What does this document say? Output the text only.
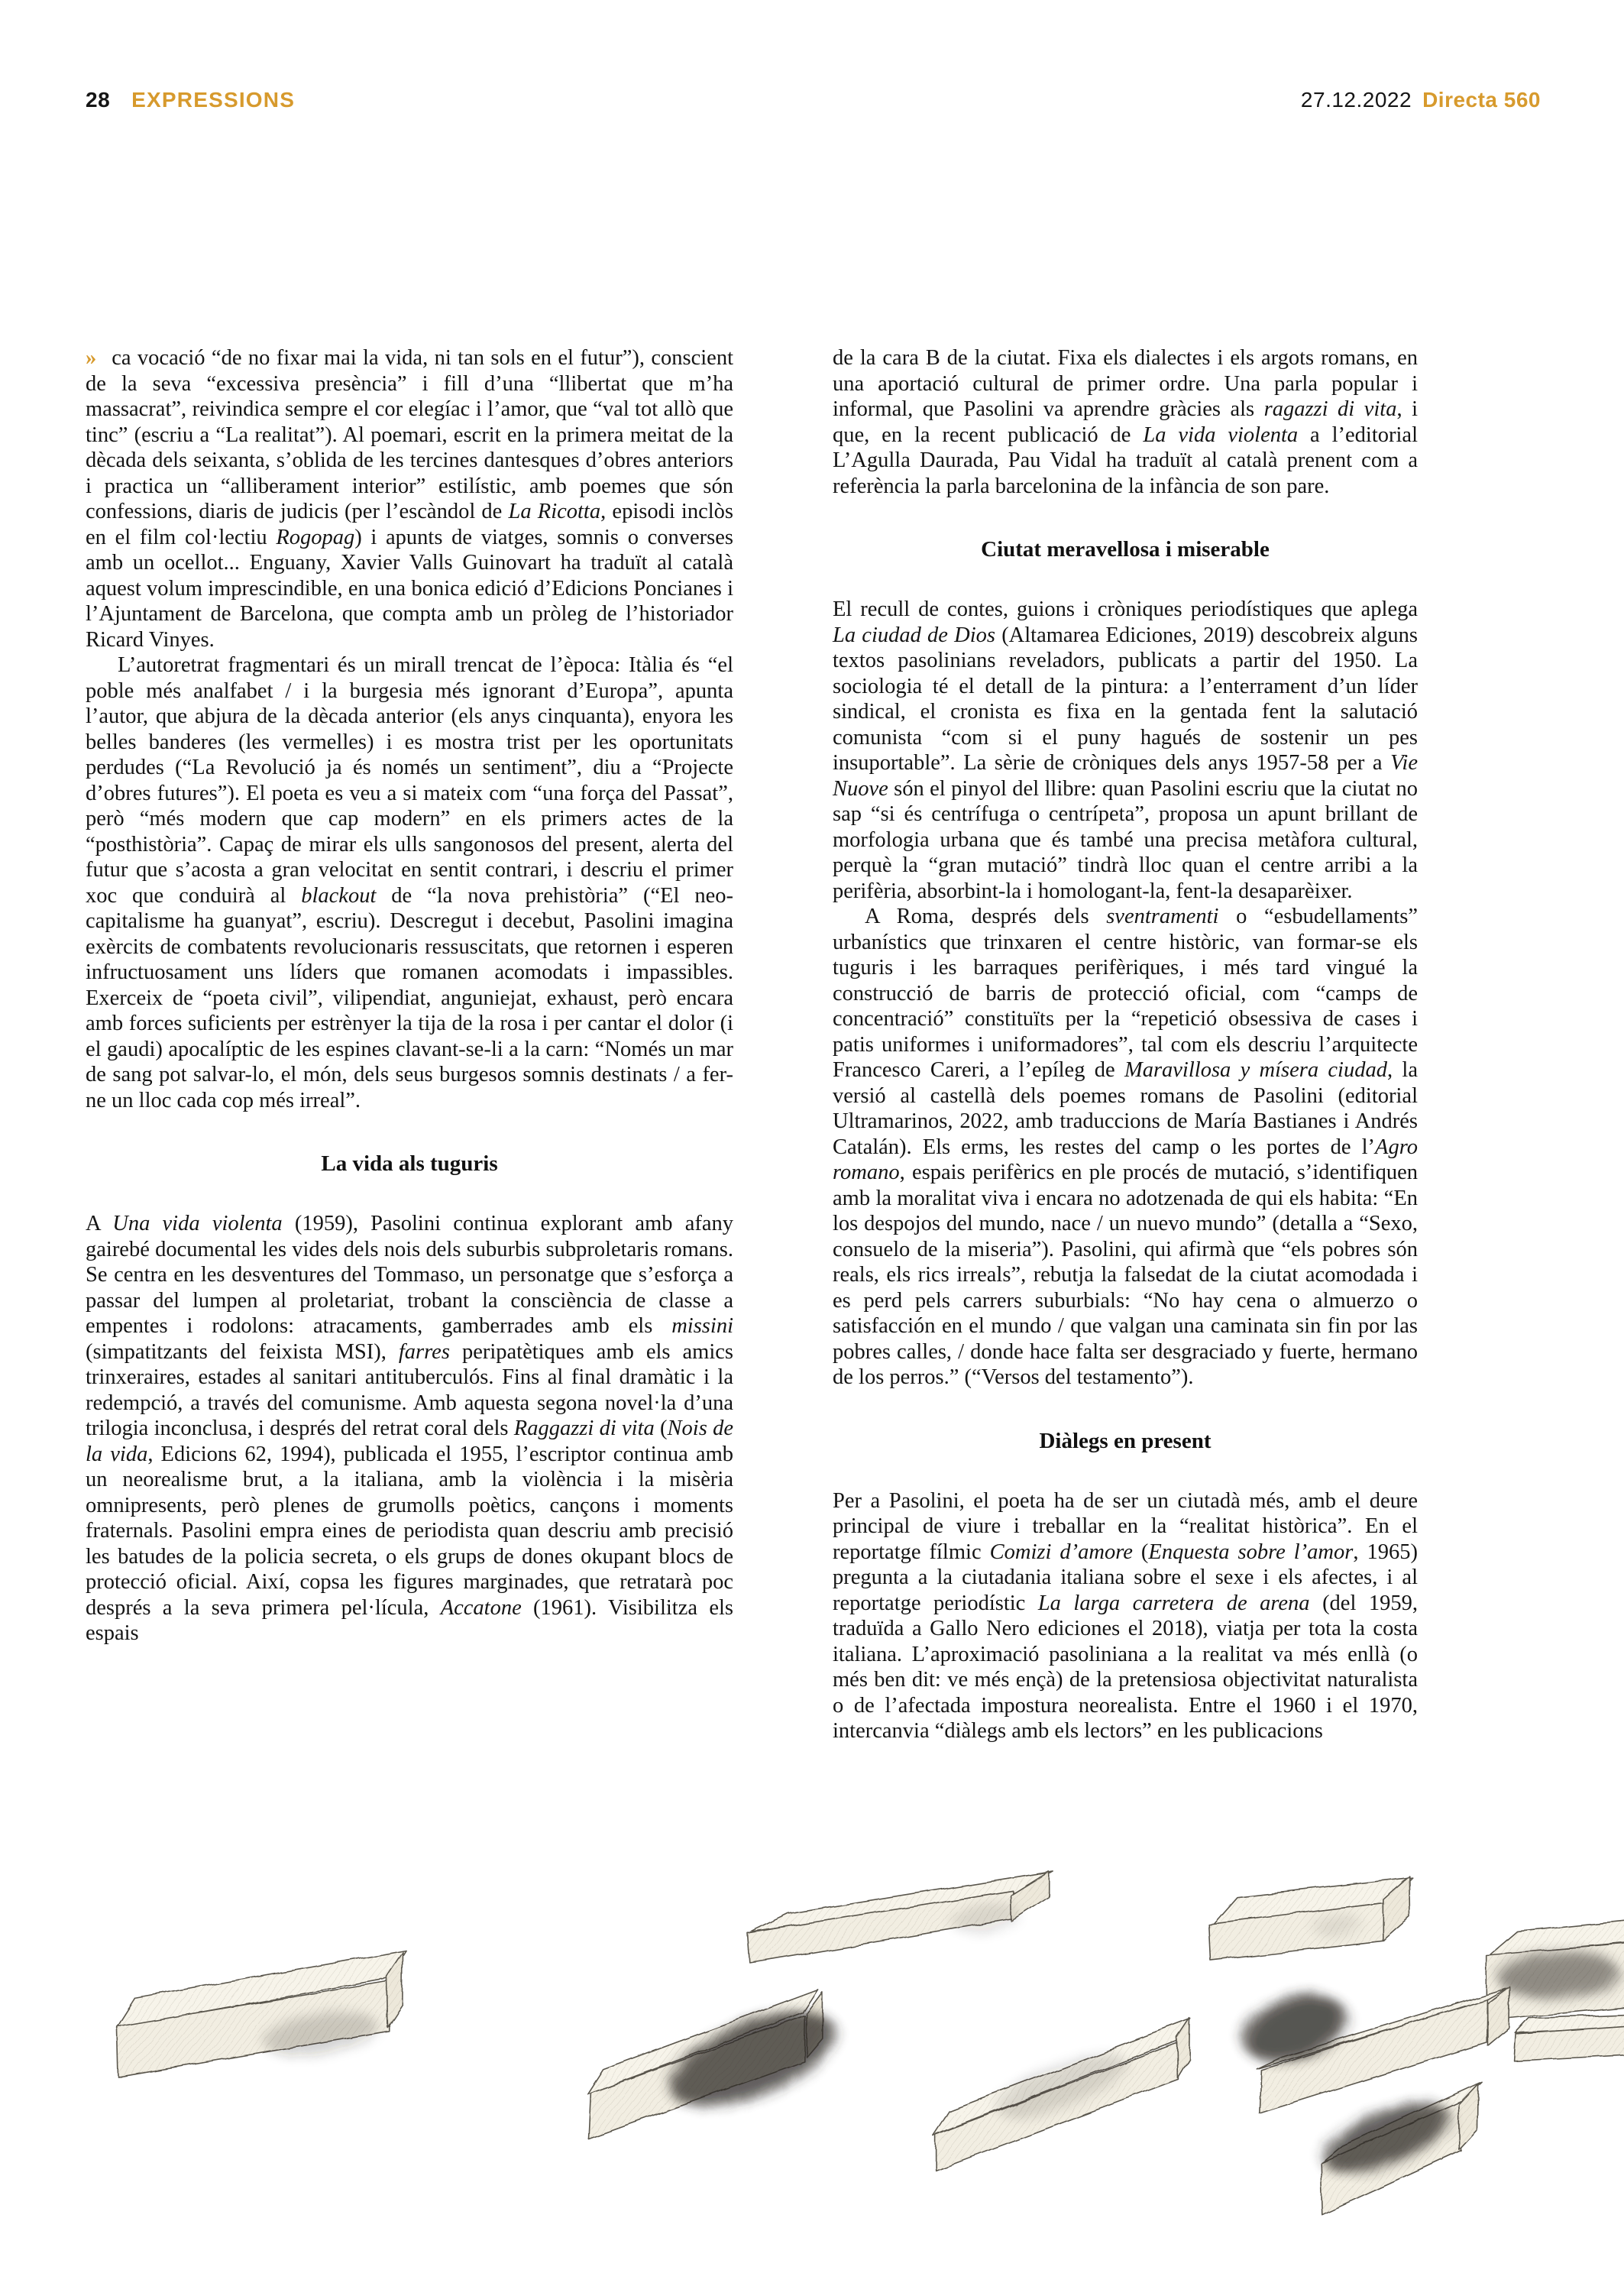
28 EXPRESSIONS	27.12.2022 Directa 560

» ca vocació “de no fixar mai la vida, ni tan sols en el futur”), conscient de la seva “excessiva presència” i fill d’una “llibertat que m’ha massacrat”, reivindica sempre el cor elegíac i l’amor, que “val tot allò que tinc” (escriu a “La realitat”). Al poemari, escrit en la primera meitat de la dècada dels seixanta, s’oblida de les tercines dantesques d’obres anteriors i practica un “alliberament interior” estilístic, amb poemes que són confessions, diaris de judicis (per l’escàndol de La Ricotta, episodi inclòs en el film col·lectiu Rogopag) i apunts de viatges, somnis o converses amb un ocellot... Enguany, Xavier Valls Guinovart ha traduït al català aquest volum imprescindible, en una bonica edició d’Edicions Poncianes i l’Ajuntament de Barcelona, que compta amb un pròleg de l’historiador Ricard Vinyes.

L’autoretrat fragmentari és un mirall trencat de l’època: Itàlia és “el poble més analfabet / i la burgesia més ignorant d’Europa”, apunta l’autor, que abjura de la dècada anterior (els anys cinquanta), enyora les belles banderes (les vermelles) i es mostra trist per les oportunitats perdudes (“La Revolució ja és només un sentiment”, diu a “Projecte d’obres futures”). El poeta es veu a si mateix com “una força del Passat”, però “més modern que cap modern” en els primers actes de la “posthistòria”. Capaç de mirar els ulls sangonosos del present, alerta del futur que s’acosta a gran velocitat en sentit contrari, i descriu el primer xoc que conduirà al blackout de “la nova prehistòria” (“El neo-capitalisme ha guanyat”, escriu). Descregut i decebut, Pasolini imagina exèrcits de combatents revolucionaris ressuscitats, que retornen i esperen infructuosament uns líders que romanen acomodats i impassibles. Exerceix de “poeta civil”, vilipendiat, anguniejat, exhaust, però encara amb forces suficients per estrènyer la tija de la rosa i per cantar el dolor (i el gaudi) apocalíptic de les espines clavant-se-li a la carn: “Només un mar de sang pot salvar-lo, el món, dels seus burgesos somnis destinats / a fer-ne un lloc cada cop més irreal”.

La vida als tuguris

A Una vida violenta (1959), Pasolini continua explorant amb afany gairebé documental les vides dels nois dels suburbis subproletaris romans. Se centra en les desventures del Tommaso, un personatge que s’esforça a passar del lumpen al proletariat, trobant la consciència de classe a empentes i rodolons: atracaments, gamberrades amb els missini (simpatitzants del feixista MSI), farres peripatètiques amb els amics trinxeraires, estades al sanitari antituberculós. Fins al final dramàtic i la redempció, a través del comunisme. Amb aquesta segona novel·la d’una trilogia inconclusa, i després del retrat coral dels Raggazzi di vita (Nois de la vida, Edicions 62, 1994), publicada el 1955, l’escriptor continua amb un neorealisme brut, a la italiana, amb la violència i la misèria omnipresents, però plenes de grumolls poètics, cançons i moments fraternals. Pasolini empra eines de periodista quan descriu amb precisió les batudes de la policia secreta, o els grups de dones okupant blocs de protecció oficial. Així, copsa les figures marginades, que retratarà poc després a la seva primera pel·lícula, Accatone (1961). Visibilitza els espais

de la cara B de la ciutat. Fixa els dialectes i els argots romans, en una aportació cultural de primer ordre. Una parla popular i informal, que Pasolini va aprendre gràcies als ragazzi di vita, i que, en la recent publicació de La vida violenta a l’editorial L’Agulla Daurada, Pau Vidal ha traduït al català prenent com a referència la parla barcelonina de la infància de son pare.

Ciutat meravellosa i miserable

El recull de contes, guions i cròniques periodístiques que aplega La ciudad de Dios (Altamarea Ediciones, 2019) descobreix alguns textos pasolinians reveladors, publicats a partir del 1950. La sociologia té el detall de la pintura: a l’enterrament d’un líder sindical, el cronista es fixa en la gentada fent la salutació comunista “com si el puny hagués de sostenir un pes insuportable”. La sèrie de cròniques dels anys 1957-58 per a Vie Nuove són el pinyol del llibre: quan Pasolini escriu que la ciutat no sap “si és centrífuga o centrípeta”, proposa un apunt brillant de morfologia urbana que és també una precisa metàfora cultural, perquè la “gran mutació” tindrà lloc quan el centre arribi a la perifèria, absorbint-la i homologant-la, fent-la desaparèixer.

A Roma, després dels sventramenti o “esbudellaments” urbanístics que trinxaren el centre històric, van formar-se els tuguris i les barraques perifèriques, i més tard vingué la construcció de barris de protecció oficial, com “camps de concentració” constituïts per la “repetició obsessiva de cases i patis uniformes i uniformadores”, tal com els descriu l’arquitecte Francesco Careri, a l’epíleg de Maravillosa y mísera ciudad, la versió al castellà dels poemes romans de Pasolini (editorial Ultramarinos, 2022, amb traduccions de María Bastianes i Andrés Catalán). Els erms, les restes del camp o les portes de l’Agro romano, espais perifèrics en ple procés de mutació, s’identifiquen amb la moralitat viva i encara no adotzenada de qui els habita: “En los despojos del mundo, nace / un nuevo mundo” (detalla a “Sexo, consuelo de la miseria”). Pasolini, qui afirmà que “els pobres són reals, els rics irreals”, rebutja la falsedat de la ciutat acomodada i es perd pels carrers suburbials: “No hay cena o almuerzo o satisfacción en el mundo / que valgan una caminata sin fin por las pobres calles, / donde hace falta ser desgraciado y fuerte, hermano de los perros.” (“Versos del testamento”).

Diàlegs en present

Per a Pasolini, el poeta ha de ser un ciutadà més, amb el deure principal de viure i treballar en la “realitat històrica”. En el reportatge fílmic Comizi d’amore (Enquesta sobre l’amor, 1965) pregunta a la ciutadania italiana sobre el sexe i els afectes, i al reportatge periodístic La larga carretera de arena (del 1959, traduïda a Gallo Nero ediciones el 2018), viatja per tota la costa italiana. L’aproximació pasoliniana a la realitat va més enllà (o més ben dit: ve més ençà) de la pretensiosa objectivitat naturalista o de l’afectada impostura neorealista. Entre el 1960 i el 1970, intercanvia “diàlegs amb els lectors” en les publicacions
